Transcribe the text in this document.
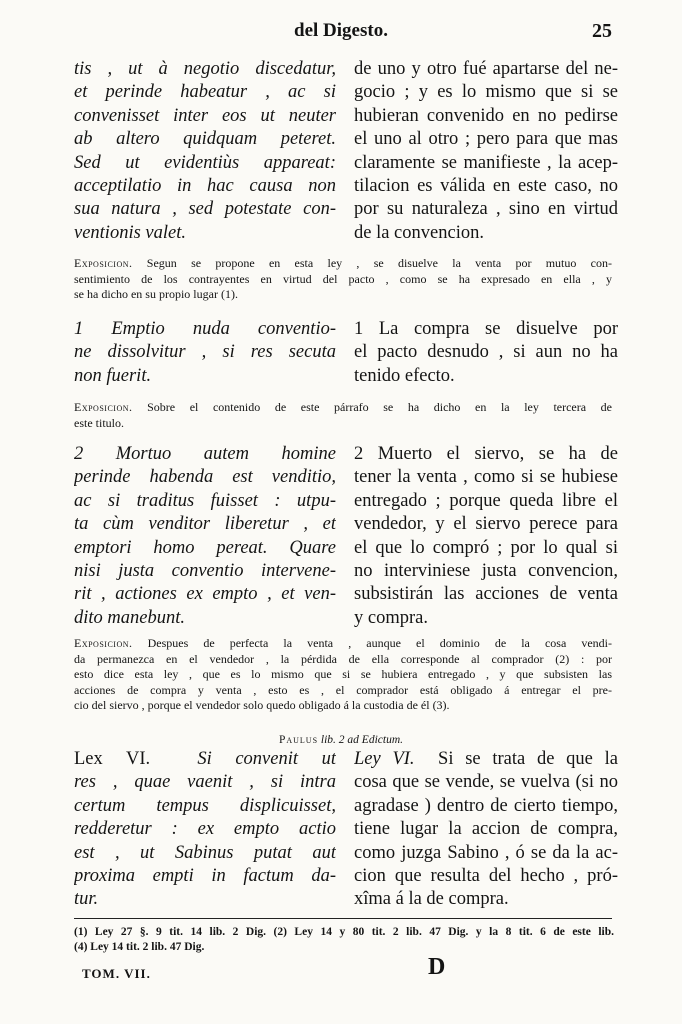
del Digesto.	25
tis , ut à negotio discedatur,
et perinde habeatur , ac si
convenisset inter eos ut neuter
ab altero quidquam peteret.
Sed ut evidentiùs appareat:
acceptilatio in hac causa non
sua natura , sed potestate con-
ventionis valet.
de uno y otro fué apartarse del ne-
gocio ; y es lo mismo que si se
hubieran convenido en no pedirse
el uno al otro ; pero para que mas
claramente se manifieste , la acep-
tilacion es válida en este caso, no
por su naturaleza , sino en virtud
de la convencion.
Exposicion. Segun se propone en esta ley , se disuelve la venta por mutuo con-
sentimiento de los contrayentes en virtud del pacto , como se ha expresado en ella , y
se ha dicho en su propio lugar (1).
1 Emptio nuda conventio-
ne dissolvitur , si res secuta
non fuerit.
1 La compra se disuelve por
el pacto desnudo , si aun no ha
tenido efecto.
Exposicion. Sobre el contenido de este párrafo se ha dicho en la ley tercera de
este titulo.
2 Mortuo autem homine
perinde habenda est venditio,
ac si traditus fuisset : utpu-
ta cùm venditor liberetur , et
emptori homo pereat. Quare
nisi justa conventio intervene-
rit , actiones ex empto , et ven-
dito manebunt.
2 Muerto el siervo, se ha de
tener la venta , como si se hubiese
entregado ; porque queda libre el
vendedor, y el siervo perece para
el que lo compró ; por lo qual si
no interviniese justa convencion,
subsistirán las acciones de venta
y compra.
Exposicion. Despues de perfecta la venta , aunque el dominio de la cosa vendi-
da permanezca en el vendedor , la pérdida de ella corresponde al comprador (2) : por
esto dice esta ley , que es lo mismo que si se hubiera entregado , y que subsisten las
acciones de compra y venta , esto es , el comprador está obligado á entregar el pre-
cio del siervo , porque el vendedor solo quedo obligado á la custodia de él (3).
Paulus lib. 2 ad Edictum.
Lex VI.	Si convenit ut
res , quae vaenit , si intra
certum tempus displicuisset,
redderetur : ex empto actio
est , ut Sabinus putat aut
proxima empti in factum da-
tur.
Ley VI. Si se trata de que la
cosa que se vende, se vuelva (si no
agradase ) dentro de cierto tiempo,
tiene lugar la accion de compra,
como juzga Sabino , ó se da la ac-
cion que resulta del hecho , pró-
xîma á la de compra.
(1) Ley 27 §. 9 tit. 14 lib. 2 Dig. (2) Ley 14 y 80 tit. 2 lib. 47 Dig. y la 8 tit. 6 de este lib.
(4) Ley 14 tit. 2 lib. 47 Dig.
TOM. VII.	D
